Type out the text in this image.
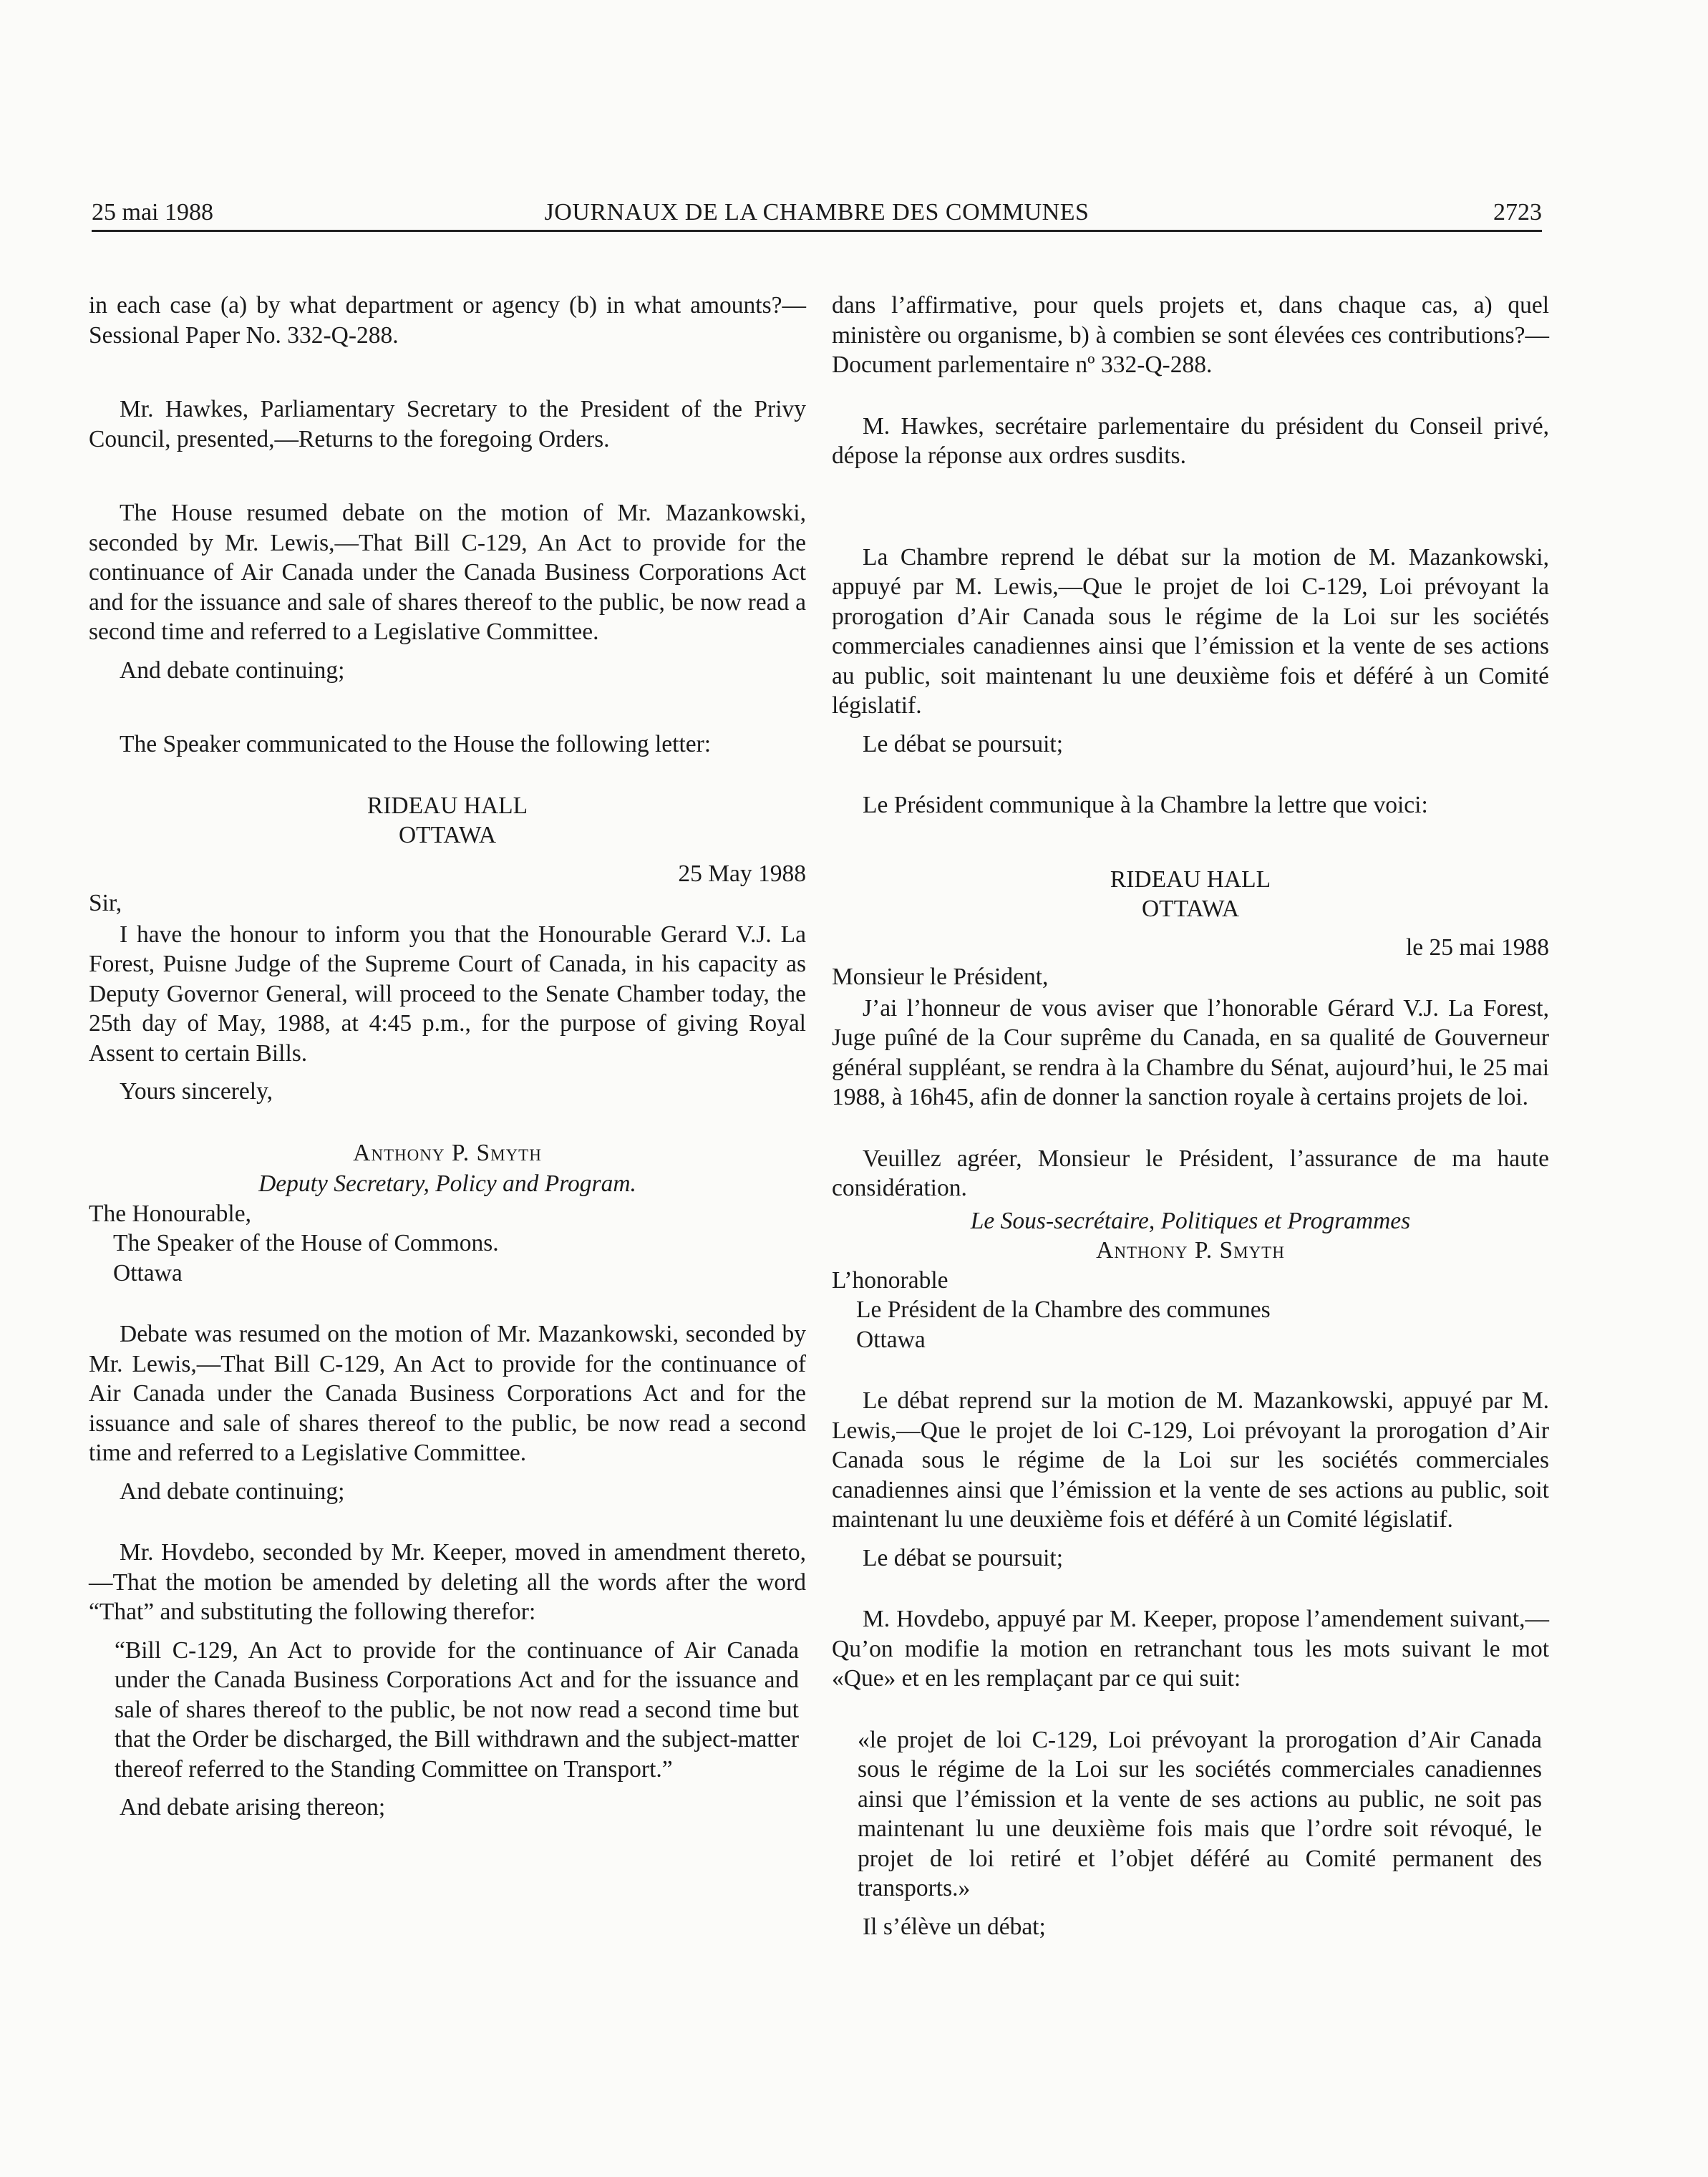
25 mai 1988	JOURNAUX DE LA CHAMBRE DES COMMUNES	2723

in each case (a) by what department or agency (b) in what amounts?—Sessional Paper No. 332-Q-288.

Mr. Hawkes, Parliamentary Secretary to the President of the Privy Council, presented,—Returns to the foregoing Orders.

The House resumed debate on the motion of Mr. Mazankowski, seconded by Mr. Lewis,—That Bill C-129, An Act to provide for the continuance of Air Canada under the Canada Business Corporations Act and for the issuance and sale of shares thereof to the public, be now read a second time and referred to a Legislative Committee.

And debate continuing;

The Speaker communicated to the House the following letter:

RIDEAU HALL

OTTAWA

25 May 1988

Sir,

I have the honour to inform you that the Honourable Gerard V.J. La Forest, Puisne Judge of the Supreme Court of Canada, in his capacity as Deputy Governor General, will proceed to the Senate Chamber today, the 25th day of May, 1988, at 4:45 p.m., for the purpose of giving Royal Assent to certain Bills.

Yours sincerely,

Anthony P. Smyth

Deputy Secretary, Policy and Program.

The Honourable,

The Speaker of the House of Commons.

Ottawa

Debate was resumed on the motion of Mr. Mazankowski, seconded by Mr. Lewis,—That Bill C-129, An Act to provide for the continuance of Air Canada under the Canada Business Corporations Act and for the issuance and sale of shares thereof to the public, be now read a second time and referred to a Legislative Committee.

And debate continuing;

Mr. Hovdebo, seconded by Mr. Keeper, moved in amendment thereto,—That the motion be amended by deleting all the words after the word “That” and substituting the following therefor:

“Bill C-129, An Act to provide for the continuance of Air Canada under the Canada Business Corporations Act and for the issuance and sale of shares thereof to the public, be not now read a second time but that the Order be discharged, the Bill withdrawn and the subject-matter thereof referred to the Standing Committee on Transport.”

And debate arising thereon;

dans l’affirmative, pour quels projets et, dans chaque cas, a) quel ministère ou organisme, b) à combien se sont élevées ces contributions?—Document parlementaire nº 332-Q-288.

M. Hawkes, secrétaire parlementaire du président du Conseil privé, dépose la réponse aux ordres susdits.

La Chambre reprend le débat sur la motion de M. Mazankowski, appuyé par M. Lewis,—Que le projet de loi C-129, Loi prévoyant la prorogation d’Air Canada sous le régime de la Loi sur les sociétés commerciales canadiennes ainsi que l’émission et la vente de ses actions au public, soit maintenant lu une deuxième fois et déféré à un Comité législatif.

Le débat se poursuit;

Le Président communique à la Chambre la lettre que voici:

RIDEAU HALL

OTTAWA

le 25 mai 1988

Monsieur le Président,

J’ai l’honneur de vous aviser que l’honorable Gérard V.J. La Forest, Juge puîné de la Cour suprême du Canada, en sa qualité de Gouverneur général suppléant, se rendra à la Chambre du Sénat, aujourd’hui, le 25 mai 1988, à 16h45, afin de donner la sanction royale à certains projets de loi.

Veuillez agréer, Monsieur le Président, l’assurance de ma haute considération.

Le Sous-secrétaire, Politiques et Programmes

Anthony P. Smyth

L’honorable

Le Président de la Chambre des communes

Ottawa

Le débat reprend sur la motion de M. Mazankowski, appuyé par M. Lewis,—Que le projet de loi C-129, Loi prévoyant la prorogation d’Air Canada sous le régime de la Loi sur les sociétés commerciales canadiennes ainsi que l’émission et la vente de ses actions au public, soit maintenant lu une deuxième fois et déféré à un Comité législatif.

Le débat se poursuit;

M. Hovdebo, appuyé par M. Keeper, propose l’amendement suivant,—Qu’on modifie la motion en retranchant tous les mots suivant le mot «Que» et en les remplaçant par ce qui suit:

«le projet de loi C-129, Loi prévoyant la prorogation d’Air Canada sous le régime de la Loi sur les sociétés commerciales canadiennes ainsi que l’émission et la vente de ses actions au public, ne soit pas maintenant lu une deuxième fois mais que l’ordre soit révoqué, le projet de loi retiré et l’objet déféré au Comité permanent des transports.»

Il s’élève un débat;
